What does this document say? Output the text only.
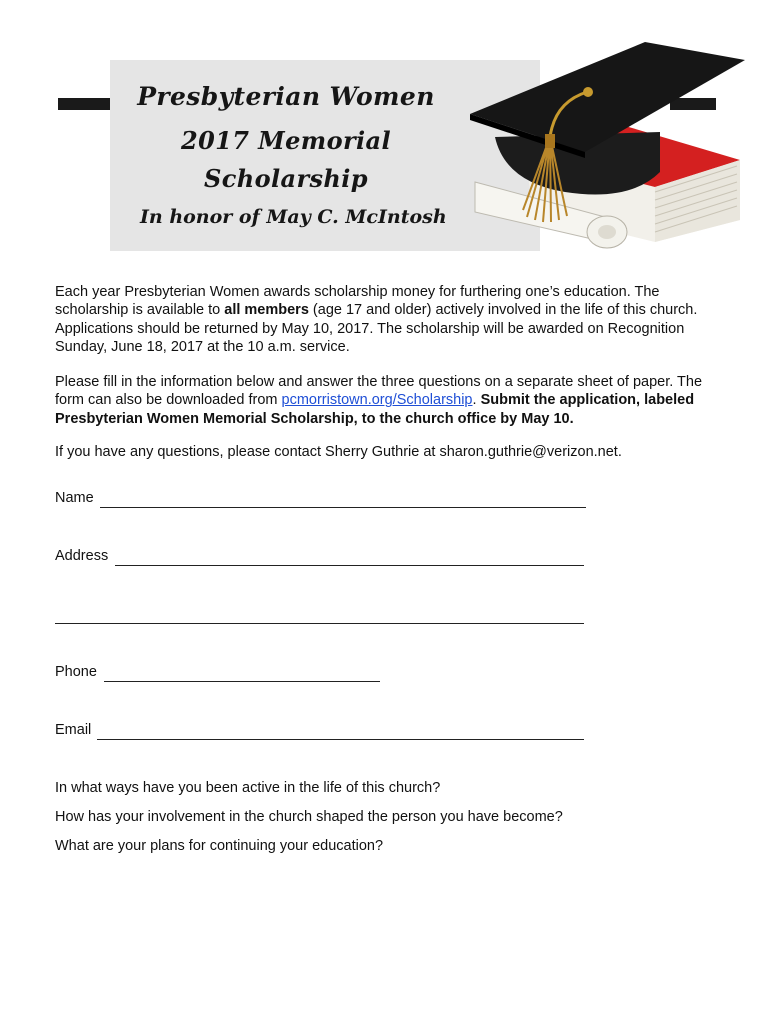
Presbyterian Women
2017 Memorial
Scholarship
In honor of May C. McIntosh

Each year Presbyterian Women awards scholarship money for furthering one’s education. The scholarship is available to all members (age 17 and older) actively involved in the life of this church. Applications should be returned by May 10, 2017. The scholarship will be awarded on Recognition Sunday, June 18, 2017 at the 10 a.m. service.

Please fill in the information below and answer the three questions on a separate sheet of paper. The form can also be downloaded from pcmorristown.org/Scholarship. Submit the application, labeled Presbyterian Women Memorial Scholarship, to the church office by May 10.

If you have any questions, please contact Sherry Guthrie at sharon.guthrie@verizon.net.

Name
Address
Phone
Email
In what ways have you been active in the life of this church?
How has your involvement in the church shaped the person you have become?
What are your plans for continuing your education?
